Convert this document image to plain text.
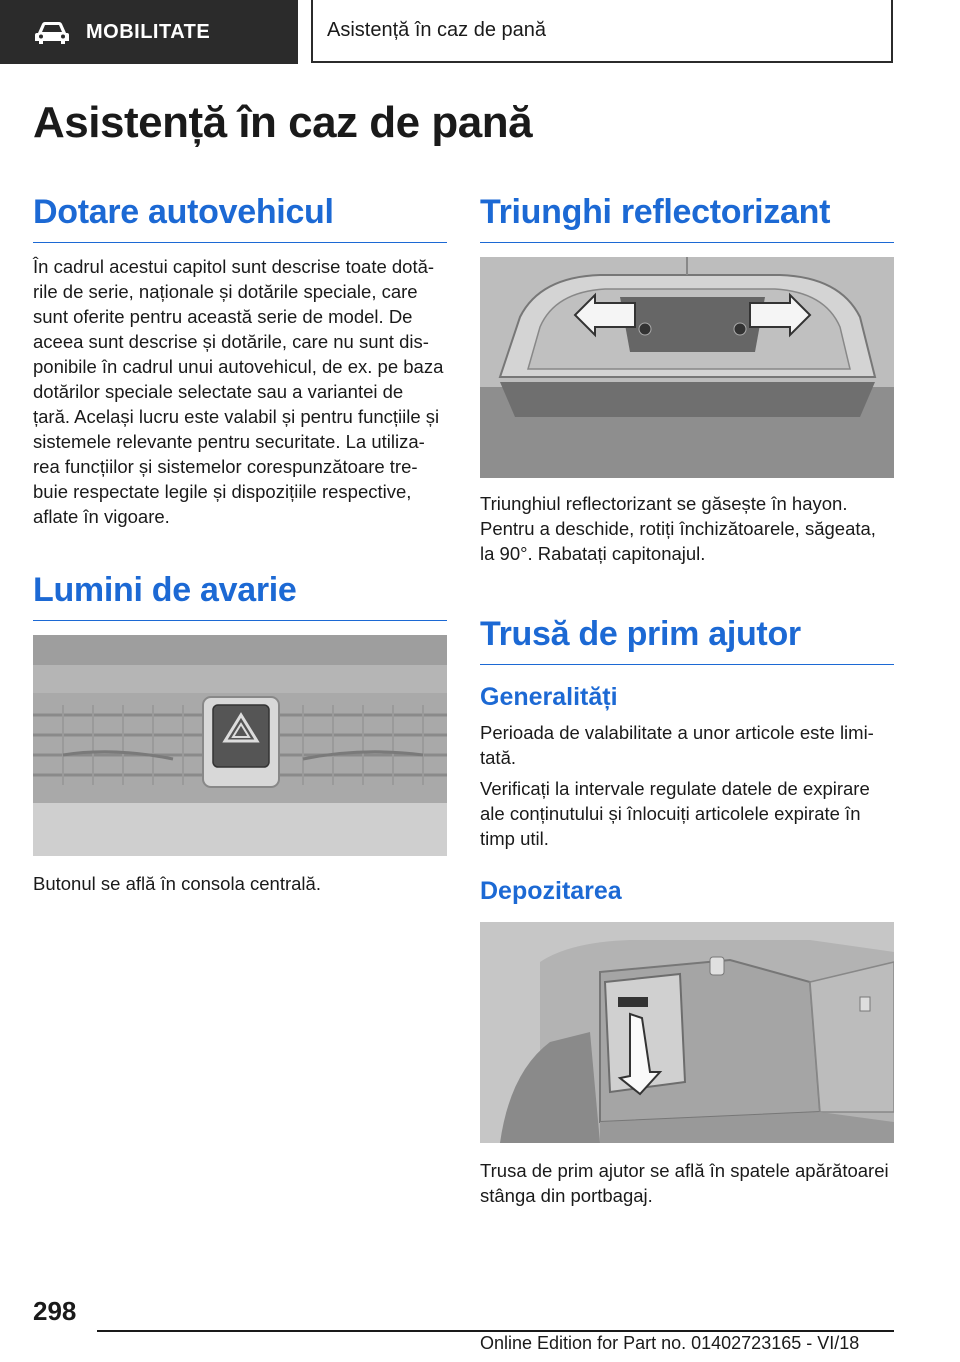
MOBILITATE	Asistență în caz de pană
Asistență în caz de pană
Dotare autovehicul
În cadrul acestui capitol sunt descrise toate dotă‐
rile de serie, naționale și dotările speciale, care
sunt oferite pentru această serie de model. De
aceea sunt descrise și dotările, care nu sunt dis‐
ponibile în cadrul unui autovehicul, de ex. pe baza
dotărilor speciale selectate sau a variantei de
țară. Același lucru este valabil și pentru funcțiile și
sistemele relevante pentru securitate. La utiliza‐
rea funcțiilor și sistemelor corespunzătoare tre‐
buie respectate legile și dispozițiile respective,
aflate în vigoare.
Lumini de avarie
Butonul se află în consola centrală.
Triunghi reflectorizant
Triunghiul reflectorizant se găsește în hayon.
Pentru a deschide, rotiți închizătoarele, săgeata,
la 90°. Rabatați capitonajul.
Trusă de prim ajutor
Generalități
Perioada de valabilitate a unor articole este limi‐
tată.
Verificați la intervale regulate datele de expirare
ale conținutului și înlocuiți articolele expirate în
timp util.
Depozitarea
Trusa de prim ajutor se află în spatele apărătoarei
stânga din portbagaj.
298
Online Edition for Part no. 01402723165 - VI/18
